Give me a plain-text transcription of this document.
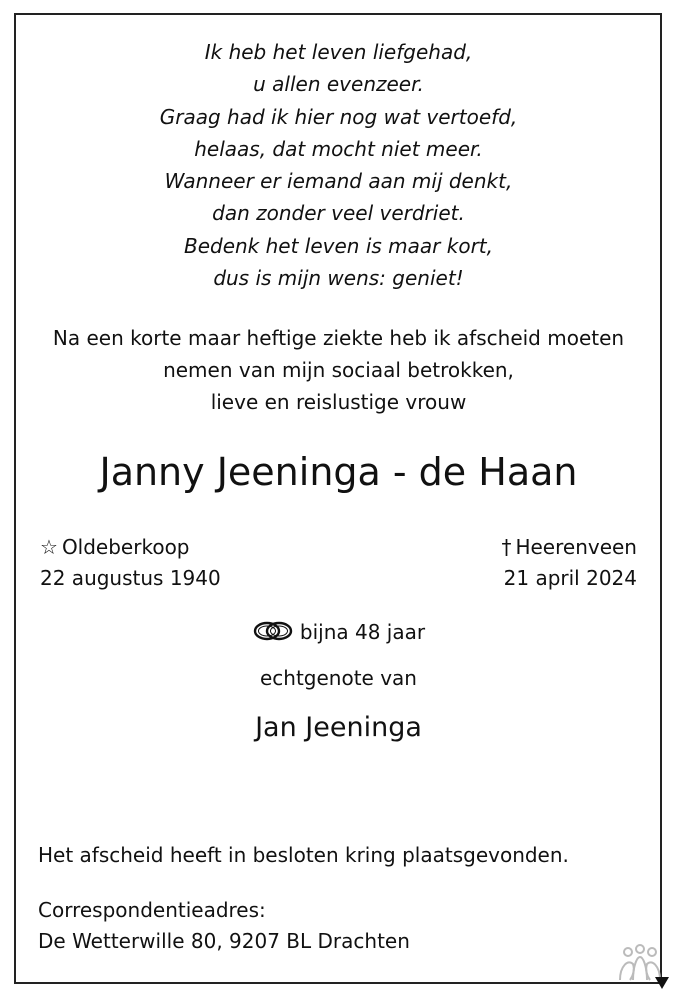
Ik heb het leven liefgehad,
u allen evenzeer.
Graag had ik hier nog wat vertoefd,
helaas, dat mocht niet meer.
Wanneer er iemand aan mij denkt,
dan zonder veel verdriet.
Bedenk het leven is maar kort,
dus is mijn wens: geniet!
Na een korte maar heftige ziekte heb ik afscheid moeten
nemen van mijn sociaal betrokken,
lieve en reislustige vrouw
Janny Jeeninga - de Haan
☆ Oldeberkoop
22 augustus 1940
† Heerenveen
21 april 2024
bijna 48 jaar
echtgenote van
Jan Jeeninga
Het afscheid heeft in besloten kring plaatsgevonden.
Correspondentieadres:
De Wetterwille 80, 9207 BL Drachten
